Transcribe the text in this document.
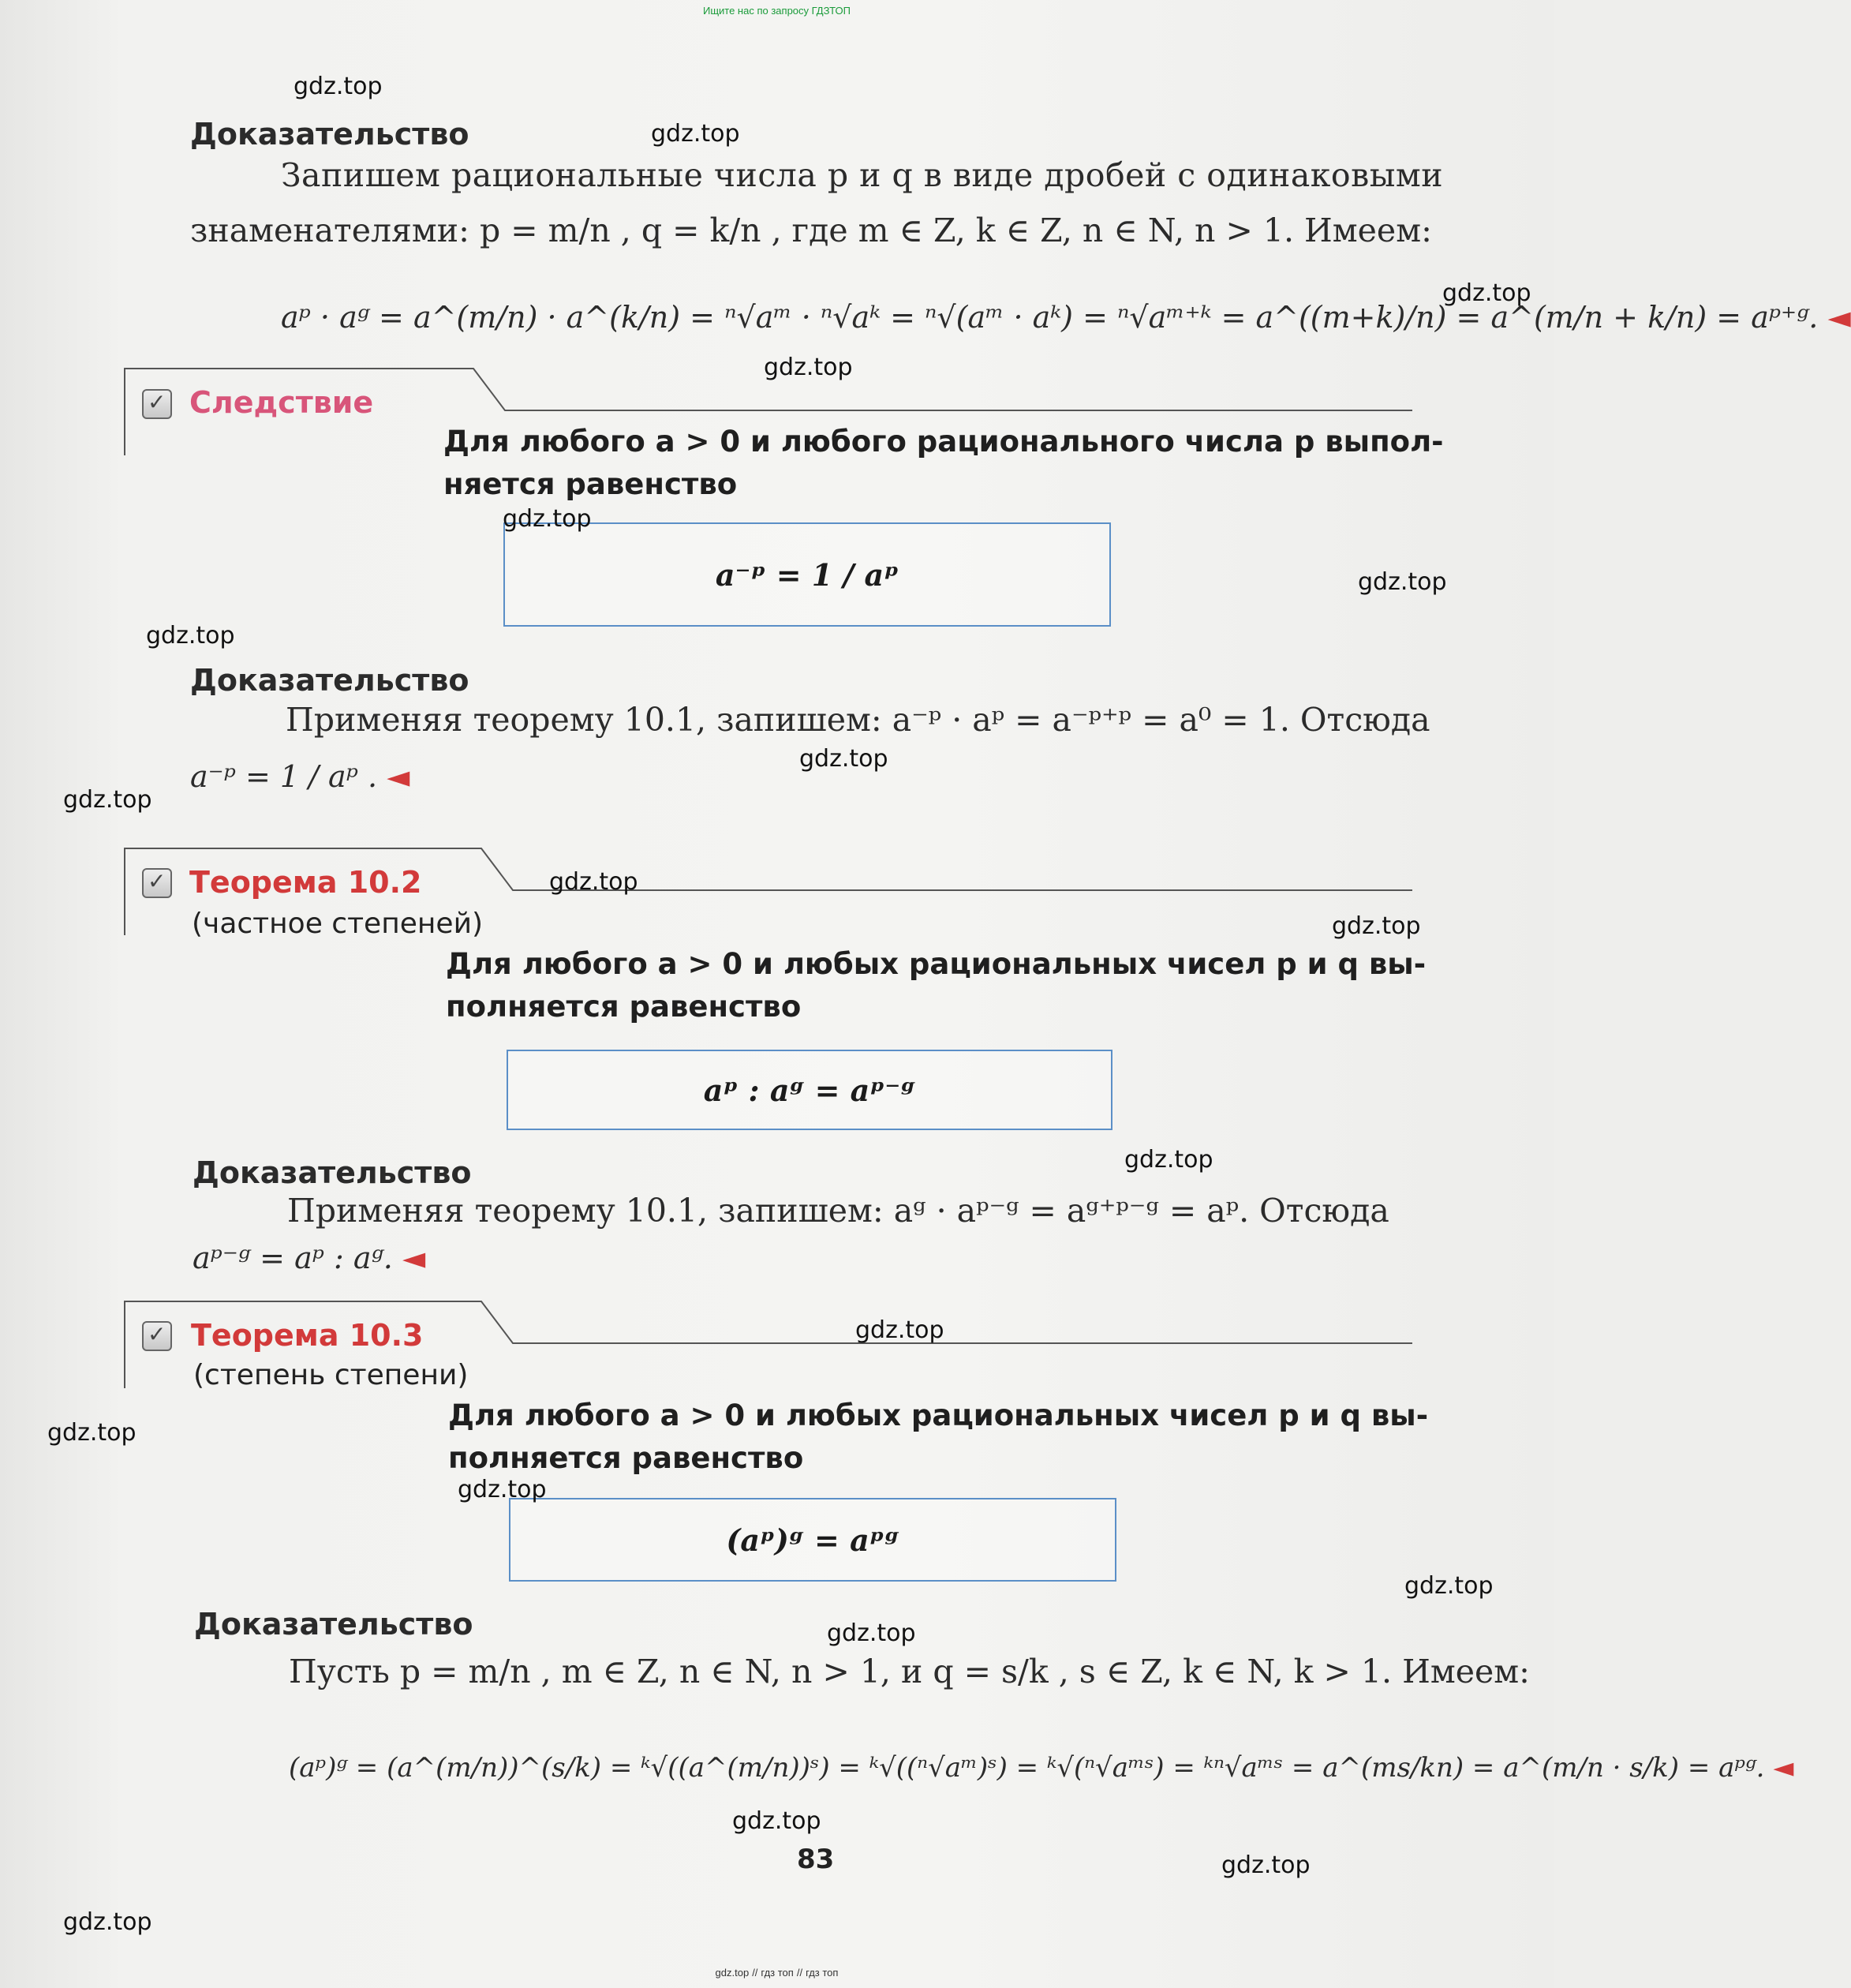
Ищите нас по запросу ГДЗТОП
Доказательство
Запишем рациональные числа p и q в виде дробей с одинаковыми
знаменателями: p = m/n , q = k/n , где m ∈ Z, k ∈ Z, n ∈ N, n > 1. Имеем:
aᵖ · aᵍ = a^(m/n) · a^(k/n) = ⁿ√aᵐ · ⁿ√aᵏ = ⁿ√(aᵐ · aᵏ) = ⁿ√aᵐ⁺ᵏ = a^((m+k)/n) = a^(m/n + k/n) = aᵖ⁺ᵍ. ◄
✓
Следствие
Для любого a > 0 и любого рационального числа p выпол-
няется равенство
a⁻ᵖ = 1 / aᵖ
Доказательство
Применяя теорему 10.1, запишем: a⁻ᵖ · aᵖ = a⁻ᵖ⁺ᵖ = a⁰ = 1. Отсюда
a⁻ᵖ = 1 / aᵖ . ◄
✓
Теорема 10.2
(частное степеней)
Для любого a > 0 и любых рациональных чисел p и q вы-
полняется равенство
aᵖ : aᵍ = aᵖ⁻ᵍ
Доказательство
Применяя теорему 10.1, запишем: aᵍ · aᵖ⁻ᵍ = aᵍ⁺ᵖ⁻ᵍ = aᵖ. Отсюда
aᵖ⁻ᵍ = aᵖ : aᵍ. ◄
✓
Теорема 10.3
(степень степени)
Для любого a > 0 и любых рациональных чисел p и q вы-
полняется равенство
(aᵖ)ᵍ = aᵖᵍ
Доказательство
Пусть p = m/n , m ∈ Z, n ∈ N, n > 1, и q = s/k , s ∈ Z, k ∈ N, k > 1. Имеем:
(aᵖ)ᵍ = (a^(m/n))^(s/k) = ᵏ√((a^(m/n))ˢ) = ᵏ√((ⁿ√aᵐ)ˢ) = ᵏ√(ⁿ√aᵐˢ) = ᵏⁿ√aᵐˢ = a^(ms/kn) = a^(m/n · s/k) = aᵖᵍ. ◄
83
gdz.top
gdz.top
gdz.top
gdz.top
gdz.top
gdz.top
gdz.top
gdz.top
gdz.top
gdz.top
gdz.top
gdz.top
gdz.top
gdz.top
gdz.top
gdz.top
gdz.top
gdz.top
gdz.top
gdz.top
gdz.top // гдз топ // гдз топ
